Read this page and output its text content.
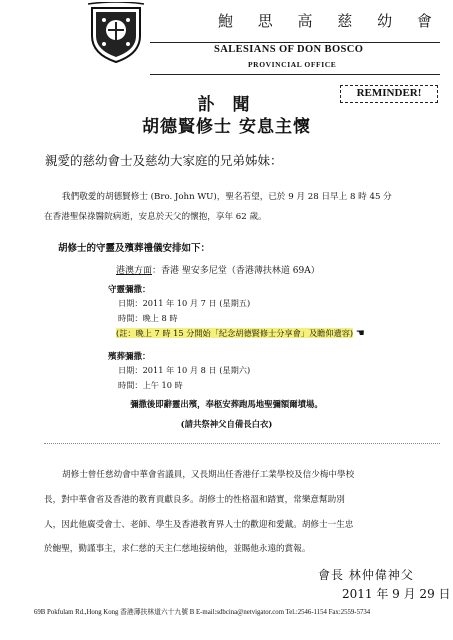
鮑 思 高 慈 幼 會
SALESIANS OF DON BOSCO
PROVINCIAL OFFICE
REMINDER!
訃 聞
胡德賢修士 安息主懷
親愛的慈幼會士及慈幼大家庭的兄弟姊妹：
我們敬愛的胡德賢修士 (Bro. John WU)，聖名若望，已於 9 月 28 日早上 8 時 45 分
在香港聖保祿醫院病逝，安息於天父的懷抱，享年 62 歲。
胡修士的守靈及殯葬禮儀安排如下：
港澳方面：香港 聖安多尼堂（香港薄扶林道 69A）
守靈彌撒：
日期：2011 年 10 月 7 日 (星期五)
時間：晚上 8 時
(註：晚上 7 時 15 分開始「紀念胡德賢修士分享會」及瞻仰遺容) ☚
殯葬彌撒：
日期：2011 年 10 月 8 日 (星期六)
時間：上午 10 時
彌撒後即辭靈出殯，奉柩安葬跑馬地聖彌額爾墳場。
(請共祭神父自備長白衣)
胡修士曾任慈幼會中華會省議員，又長期出任香港仔工業學校及信少梅中學校
長，對中華會省及香港的教育貢獻良多。胡修士的性格溫和踏實，常樂意幫助別
人，因此他廣受會士、老師、學生及香港教育界人士的歡迎和愛戴。胡修士一生忠
於鮑聖，勤謹事主，求仁慈的天主仁慈地接納他，並賜他永遠的賞報。
會長 林仲偉神父
2011 年 9 月 29 日
69B Pokfulam Rd.,Hong Kong 香港薄扶林道六十九號 B E-mail:sdbcina@netvigator.com Tel.:2546-1154 Fax:2559-5734
